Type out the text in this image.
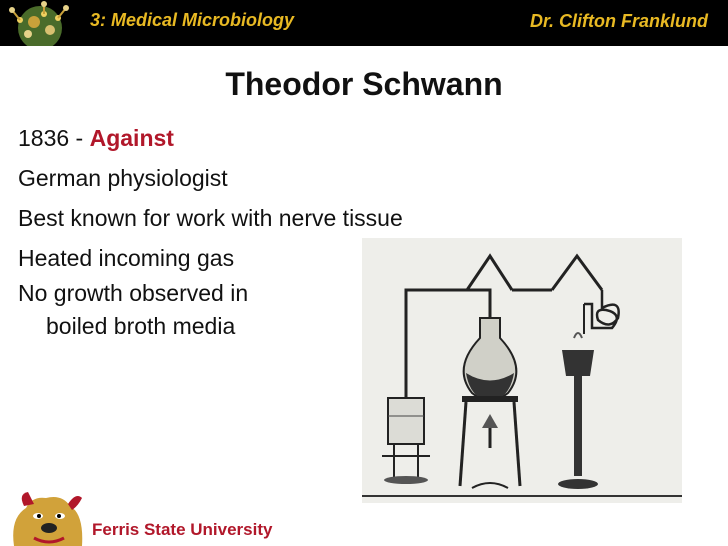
3: Medical Microbiology	Dr. Clifton Franklund
Theodor Schwann
1836 - Against
German physiologist
Best known for work with nerve tissue
Heated incoming gas
No growth observed in
boiled broth media
Ferris State University
